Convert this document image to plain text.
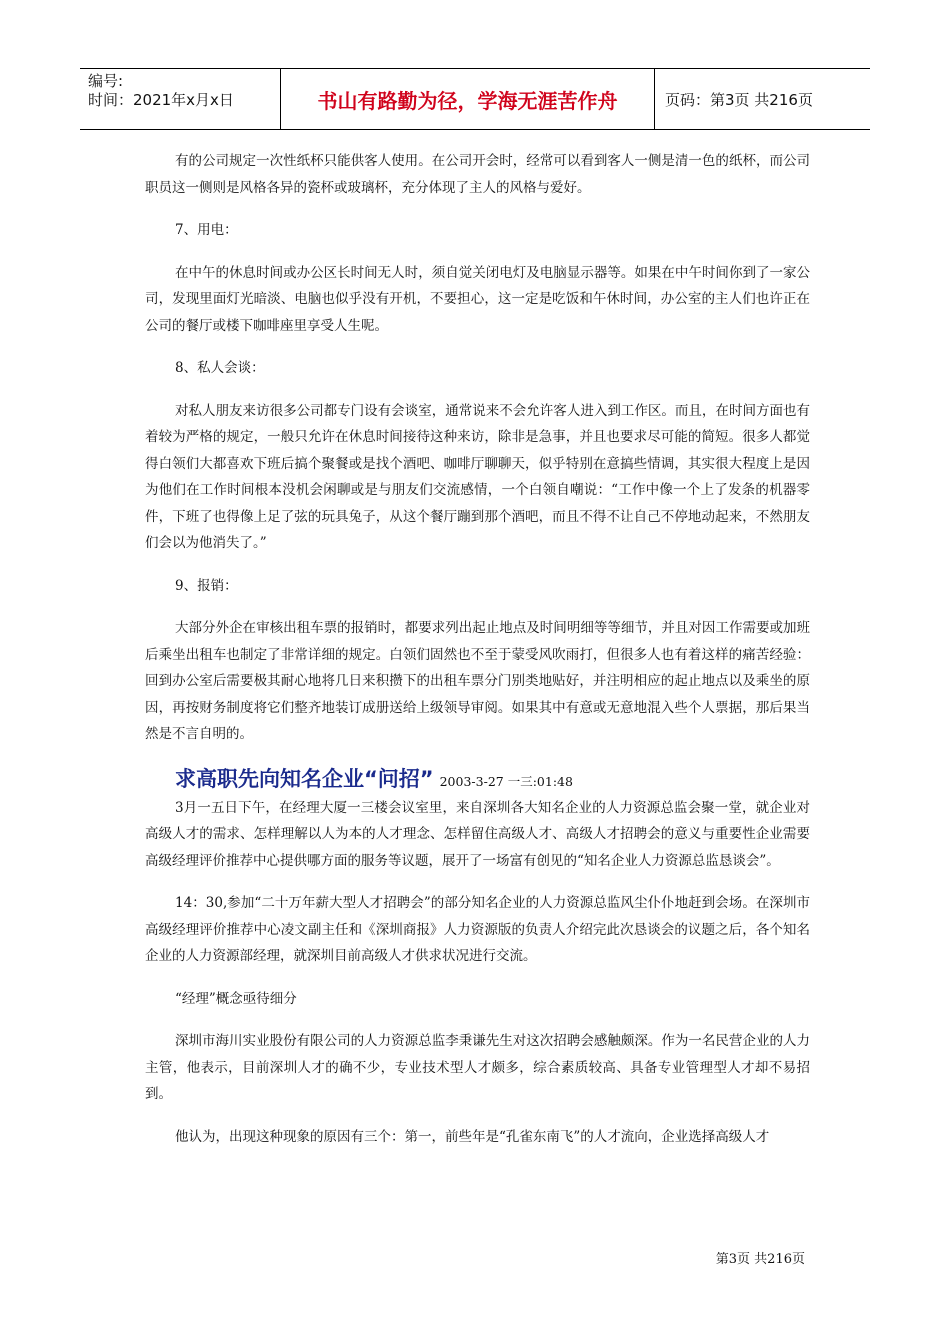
编号:
时间：2021年x月x日	书山有路勤为径，学海无涯苦作舟	页码：第3页 共216页

有的公司规定一次性纸杯只能供客人使用。在公司开会时，经常可以看到客人一侧是清一色的纸杯，而公司职员这一侧则是风格各异的瓷杯或玻璃杯，充分体现了主人的风格与爱好。

7、用电：

在中午的休息时间或办公区长时间无人时，须自觉关闭电灯及电脑显示器等。如果在中午时间你到了一家公司，发现里面灯光暗淡、电脑也似乎没有开机，不要担心，这一定是吃饭和午休时间，办公室的主人们也许正在公司的餐厅或楼下咖啡座里享受人生呢。

8、私人会谈：

对私人朋友来访很多公司都专门设有会谈室，通常说来不会允许客人进入到工作区。而且，在时间方面也有着较为严格的规定，一般只允许在休息时间接待这种来访，除非是急事，并且也要求尽可能的简短。很多人都觉得白领们大都喜欢下班后搞个聚餐或是找个酒吧、咖啡厅聊聊天，似乎特别在意搞些情调，其实很大程度上是因为他们在工作时间根本没机会闲聊或是与朋友们交流感情，一个白领自嘲说：“工作中像一个上了发条的机器零件，下班了也得像上足了弦的玩具兔子，从这个餐厅蹦到那个酒吧，而且不得不让自己不停地动起来，不然朋友们会以为他消失了。”

9、报销：

大部分外企在审核出租车票的报销时，都要求列出起止地点及时间明细等等细节，并且对因工作需要或加班后乘坐出租车也制定了非常详细的规定。白领们固然也不至于蒙受风吹雨打，但很多人也有着这样的痛苦经验：回到办公室后需要极其耐心地将几日来积攒下的出租车票分门别类地贴好，并注明相应的起止地点以及乘坐的原因，再按财务制度将它们整齐地装订成册送给上级领导审阅。如果其中有意或无意地混入些个人票据，那后果当然是不言自明的。

求高职先向知名企业“问招” 2003-3-27 一三:01:48

3月一五日下午，在经理大厦一三楼会议室里，来自深圳各大知名企业的人力资源总监会聚一堂，就企业对高级人才的需求、怎样理解以人为本的人才理念、怎样留住高级人才、高级人才招聘会的意义与重要性企业需要高级经理评价推荐中心提供哪方面的服务等议题，展开了一场富有创见的“知名企业人力资源总监恳谈会”。

14：30,参加“二十万年薪大型人才招聘会”的部分知名企业的人力资源总监风尘仆仆地赶到会场。在深圳市高级经理评价推荐中心凌文副主任和《深圳商报》人力资源版的负责人介绍完此次恳谈会的议题之后，各个知名企业的人力资源部经理，就深圳目前高级人才供求状况进行交流。

“经理”概念亟待细分

深圳市海川实业股份有限公司的人力资源总监李秉谦先生对这次招聘会感触颇深。作为一名民营企业的人力主管，他表示，目前深圳人才的确不少，专业技术型人才颇多，综合素质较高、具备专业管理型人才却不易招到。

他认为，出现这种现象的原因有三个：第一，前些年是“孔雀东南飞”的人才流向，企业选择高级人才

第3页 共216页
